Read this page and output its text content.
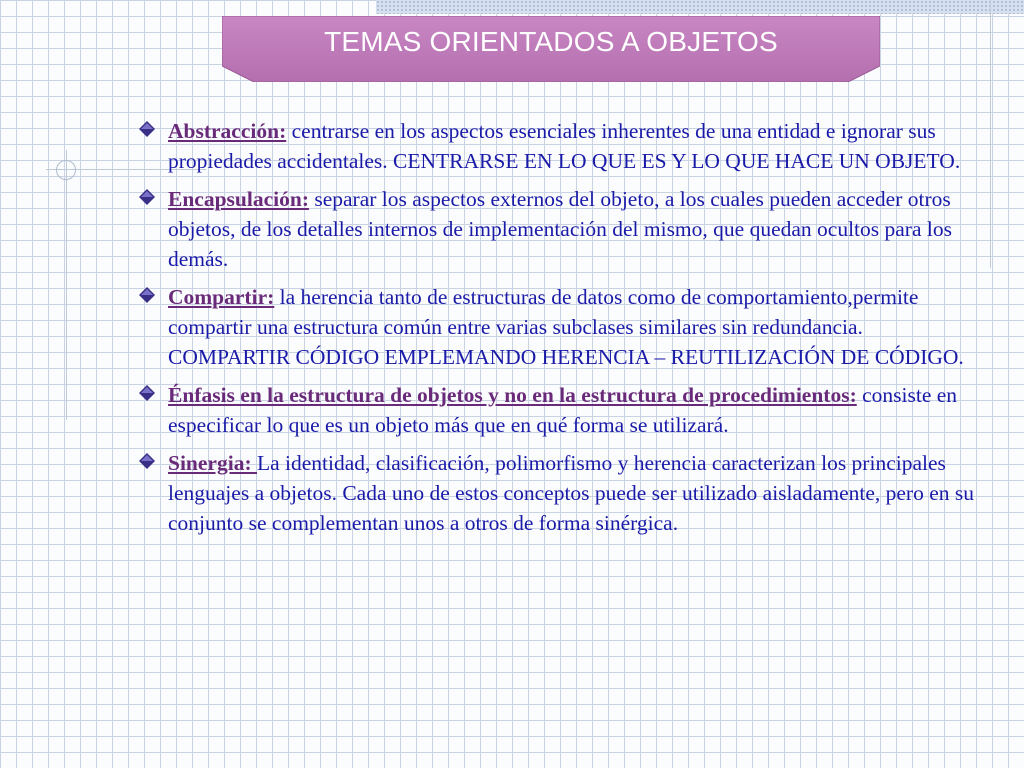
TEMAS ORIENTADOS A OBJETOS
Abstracción: centrarse en los aspectos esenciales inherentes de una entidad e ignorar sus propiedades accidentales. CENTRARSE EN LO QUE ES Y LO QUE HACE UN OBJETO.
Encapsulación: separar los aspectos externos del objeto, a los cuales pueden acceder otros objetos, de los detalles internos de implementación del mismo, que quedan ocultos para los demás.
Compartir: la herencia tanto de estructuras de datos como de comportamiento,permite compartir una estructura común entre varias subclases similares sin redundancia. COMPARTIR CÓDIGO EMPLEMANDO HERENCIA – REUTILIZACIÓN DE CÓDIGO.
Énfasis en la estructura de objetos y no en la estructura de procedimientos: consiste en especificar lo que es un objeto más que en qué forma se utilizará.
Sinergia: La identidad, clasificación, polimorfismo y herencia caracterizan los principales lenguajes a objetos. Cada uno de estos conceptos puede ser utilizado aisladamente, pero en su conjunto se complementan unos a otros de forma sinérgica.
